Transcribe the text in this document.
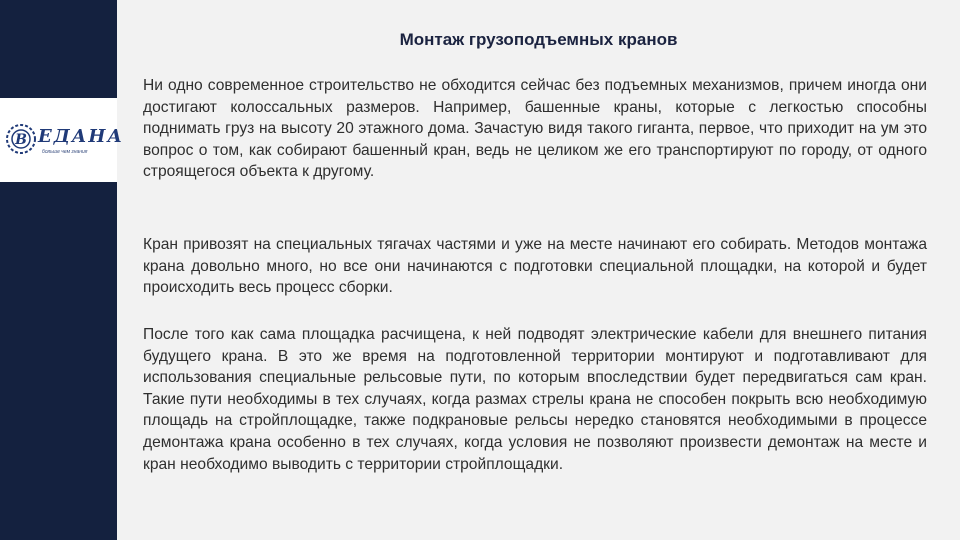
B ЕДАНА
больше чем знания
Монтаж грузоподъемных кранов

Ни одно современное строительство не обходится сейчас без подъемных механизмов, причем иногда они достигают колоссальных размеров. Например, башенные краны, которые с легкостью способны поднимать груз на высоту 20 этажного дома. Зачастую видя такого гиганта, первое, что приходит на ум это вопрос о том, как собирают башенный кран, ведь не целиком же его транспортируют по городу, от одного строящегося объекта к другому.

Кран привозят на специальных тягачах частями и уже на месте начинают его собирать. Методов монтажа крана довольно много, но все они начинаются с подготовки специальной площадки, на которой и будет происходить весь процесс сборки.

После того как сама площадка расчищена, к ней подводят электрические кабели для внешнего питания будущего крана. В это же время на подготовленной территории монтируют и подготавливают для использования специальные рельсовые пути, по которым впоследствии будет передвигаться сам кран. Такие пути необходимы в тех случаях, когда размах стрелы крана не способен покрыть всю необходимую площадь на стройплощадке, также подкрановые рельсы нередко становятся необходимыми в процессе демонтажа крана особенно в тех случаях, когда условия не позволяют произвести демонтаж на месте и кран необходимо выводить с территории стройплощадки.
